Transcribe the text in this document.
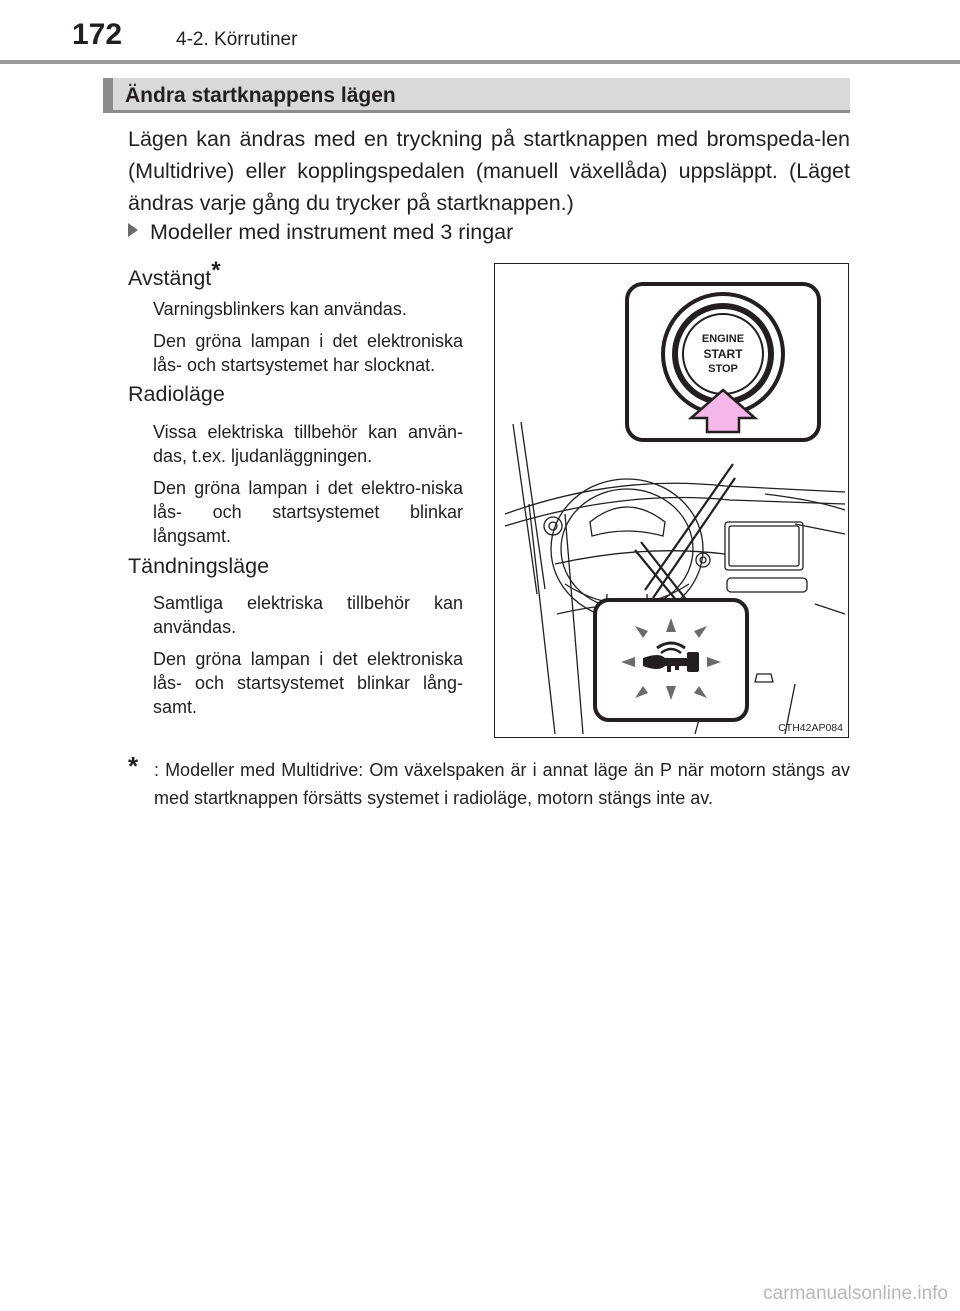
172	4-2. Körrutiner
Ändra startknappens lägen
Lägen kan ändras med en tryckning på startknappen med bromspeda-len (Multidrive) eller kopplingspedalen (manuell växellåda) uppsläppt. (Läget ändras varje gång du trycker på startknappen.)
Modeller med instrument med 3 ringar
Avstängt*
Varningsblinkers kan användas.
Den gröna lampan i det elektroniska lås- och startsystemet har slocknat.
Radioläge
Vissa elektriska tillbehör kan använ-das, t.ex. ljudanläggningen.
Den gröna lampan i det elektro-niska lås- och startsystemet blinkar långsamt.
Tändningsläge
Samtliga elektriska tillbehör kan användas.
Den gröna lampan i det elektroniska lås- och startsystemet blinkar lång-samt.
ENGINE
START
STOP
CTH42AP084
* : Modeller med Multidrive: Om växelspaken är i annat läge än P när motorn stängs av med startknappen försätts systemet i radioläge, motorn stängs inte av.
carmanualsonline.info
